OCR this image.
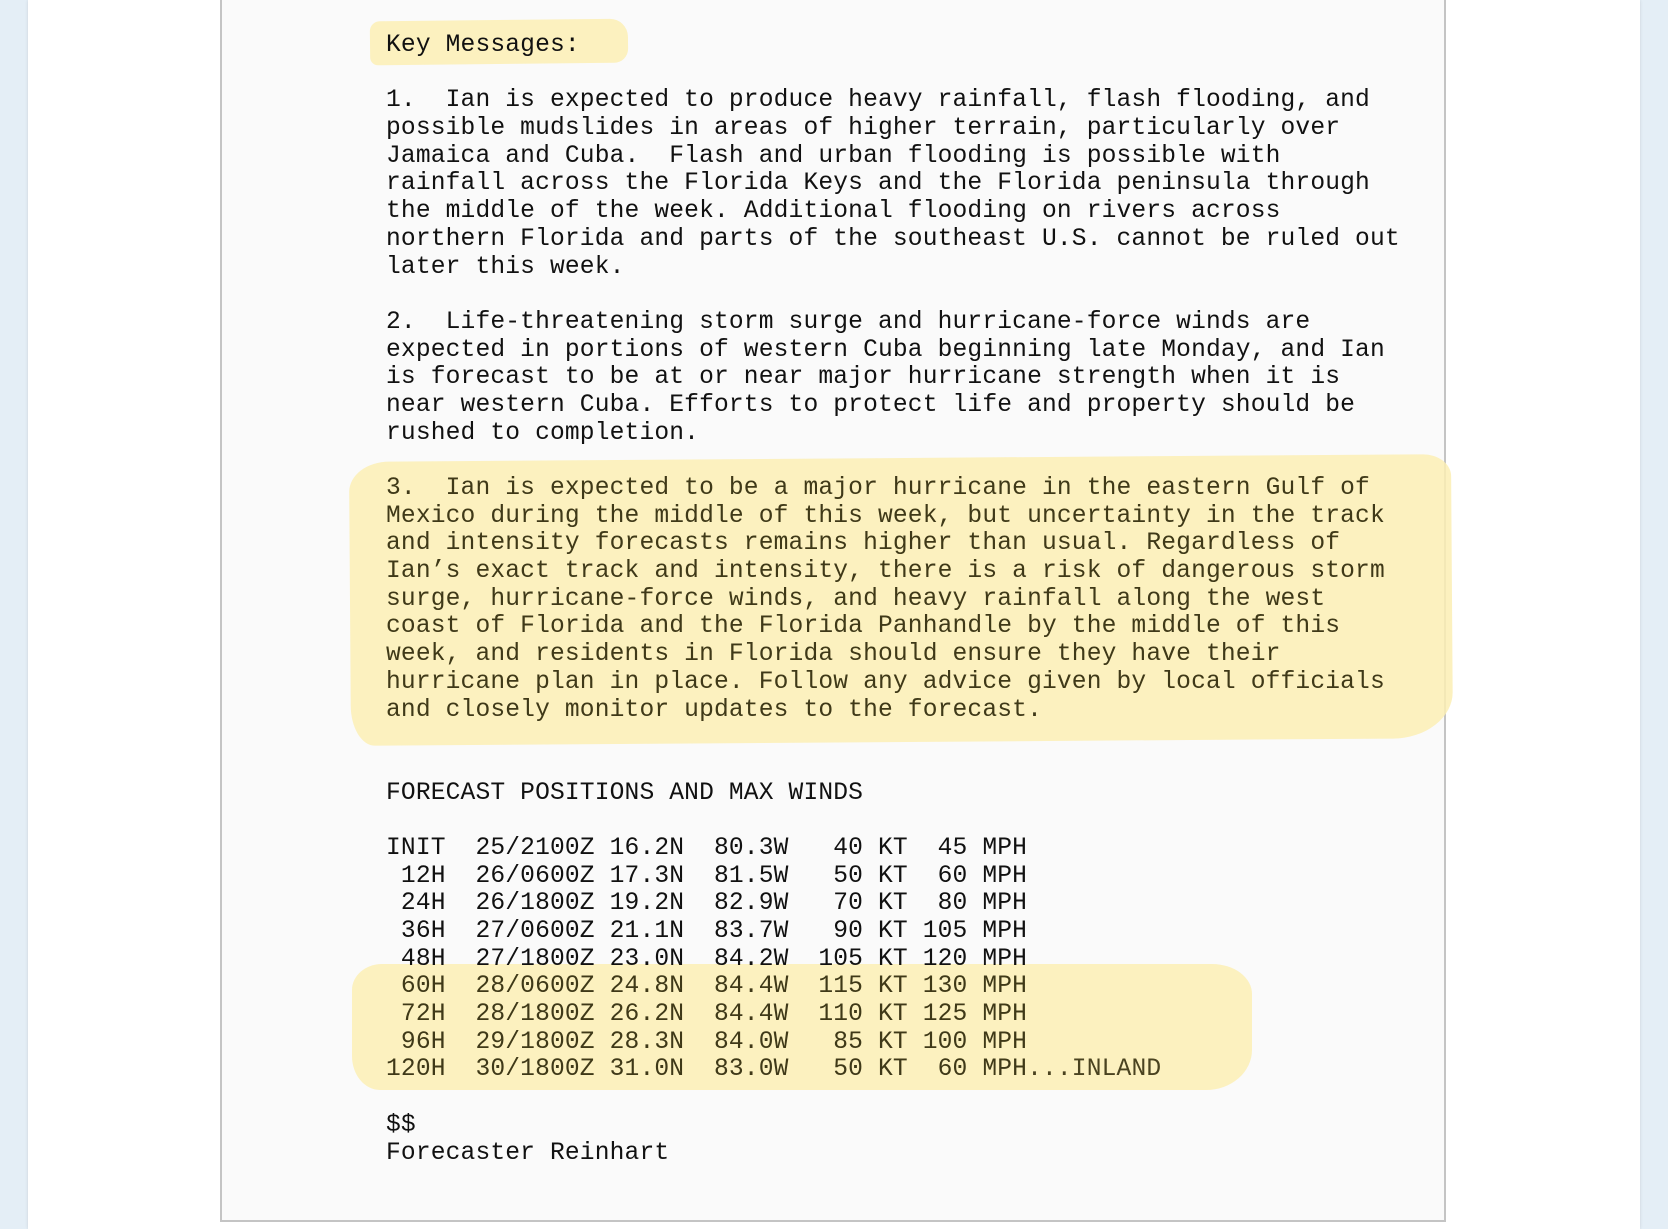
Key Messages:
1.  Ian is expected to produce heavy rainfall, flash flooding, and
possible mudslides in areas of higher terrain, particularly over
Jamaica and Cuba.  Flash and urban flooding is possible with
rainfall across the Florida Keys and the Florida peninsula through
the middle of the week. Additional flooding on rivers across
northern Florida and parts of the southeast U.S. cannot be ruled out
later this week.
2.  Life-threatening storm surge and hurricane-force winds are
expected in portions of western Cuba beginning late Monday, and Ian
is forecast to be at or near major hurricane strength when it is
near western Cuba. Efforts to protect life and property should be
rushed to completion.
3.  Ian is expected to be a major hurricane in the eastern Gulf of
Mexico during the middle of this week, but uncertainty in the track
and intensity forecasts remains higher than usual. Regardless of
Ian’s exact track and intensity, there is a risk of dangerous storm
surge, hurricane-force winds, and heavy rainfall along the west
coast of Florida and the Florida Panhandle by the middle of this
week, and residents in Florida should ensure they have their
hurricane plan in place. Follow any advice given by local officials
and closely monitor updates to the forecast.
FORECAST POSITIONS AND MAX WINDS
INIT  25/2100Z 16.2N  80.3W   40 KT  45 MPH
12H  26/0600Z 17.3N  81.5W   50 KT  60 MPH
24H  26/1800Z 19.2N  82.9W   70 KT  80 MPH
36H  27/0600Z 21.1N  83.7W   90 KT 105 MPH
48H  27/1800Z 23.0N  84.2W  105 KT 120 MPH
60H  28/0600Z 24.8N  84.4W  115 KT 130 MPH
72H  28/1800Z 26.2N  84.4W  110 KT 125 MPH
96H  29/1800Z 28.3N  84.0W   85 KT 100 MPH
120H  30/1800Z 31.0N  83.0W   50 KT  60 MPH...INLAND
$$
Forecaster Reinhart
